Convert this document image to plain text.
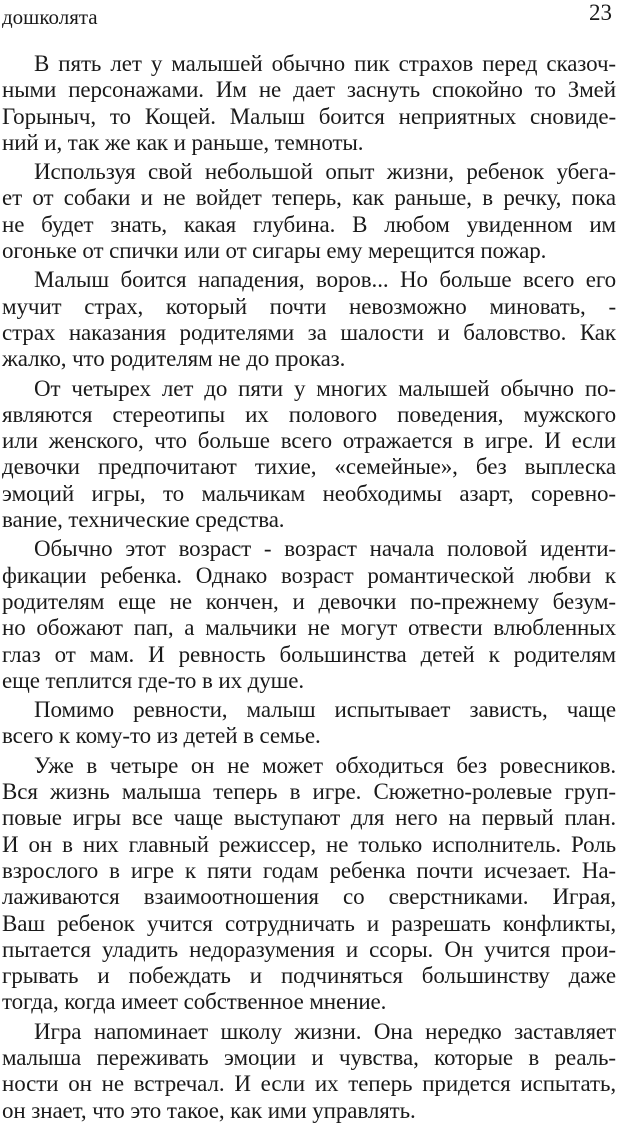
дошколята	23
В пять лет у малышей обычно пик страхов перед сказоч-
ными персонажами. Им не дает заснуть спокойно то Змей
Горыныч, то Кощей. Малыш боится неприятных сновиде-
ний и, так же как и раньше, темноты.
Используя свой небольшой опыт жизни, ребенок убега-
ет от собаки и не войдет теперь, как раньше, в речку, пока
не будет знать, какая глубина. В любом увиденном им
огоньке от спички или от сигары ему мерещится пожар.
Малыш боится нападения, воров... Но больше всего его
мучит страх, который почти невозможно миновать, -
страх наказания родителями за шалости и баловство. Как
жалко, что родителям не до проказ.
От четырех лет до пяти у многих малышей обычно по-
являются стереотипы их полового поведения, мужского
или женского, что больше всего отражается в игре. И если
девочки предпочитают тихие, «семейные», без выплеска
эмоций игры, то мальчикам необходимы азарт, соревно-
вание, технические средства.
Обычно этот возраст - возраст начала половой иденти-
фикации ребенка. Однако возраст романтической любви к
родителям еще не кончен, и девочки по-прежнему безум-
но обожают пап, а мальчики не могут отвести влюбленных
глаз от мам. И ревность большинства детей к родителям
еще теплится где-то в их душе.
Помимо ревности, малыш испытывает зависть, чаще
всего к кому-то из детей в семье.
Уже в четыре он не может обходиться без ровесников.
Вся жизнь малыша теперь в игре. Сюжетно-ролевые груп-
повые игры все чаще выступают для него на первый план.
И он в них главный режиссер, не только исполнитель. Роль
взрослого в игре к пяти годам ребенка почти исчезает. На-
лаживаются взаимоотношения со сверстниками. Играя,
Ваш ребенок учится сотрудничать и разрешать конфликты,
пытается уладить недоразумения и ссоры. Он учится прои-
грывать и побеждать и подчиняться большинству даже
тогда, когда имеет собственное мнение.
Игра напоминает школу жизни. Она нередко заставляет
малыша переживать эмоции и чувства, которые в реаль-
ности он не встречал. И если их теперь придется испытать,
он знает, что это такое, как ими управлять.
